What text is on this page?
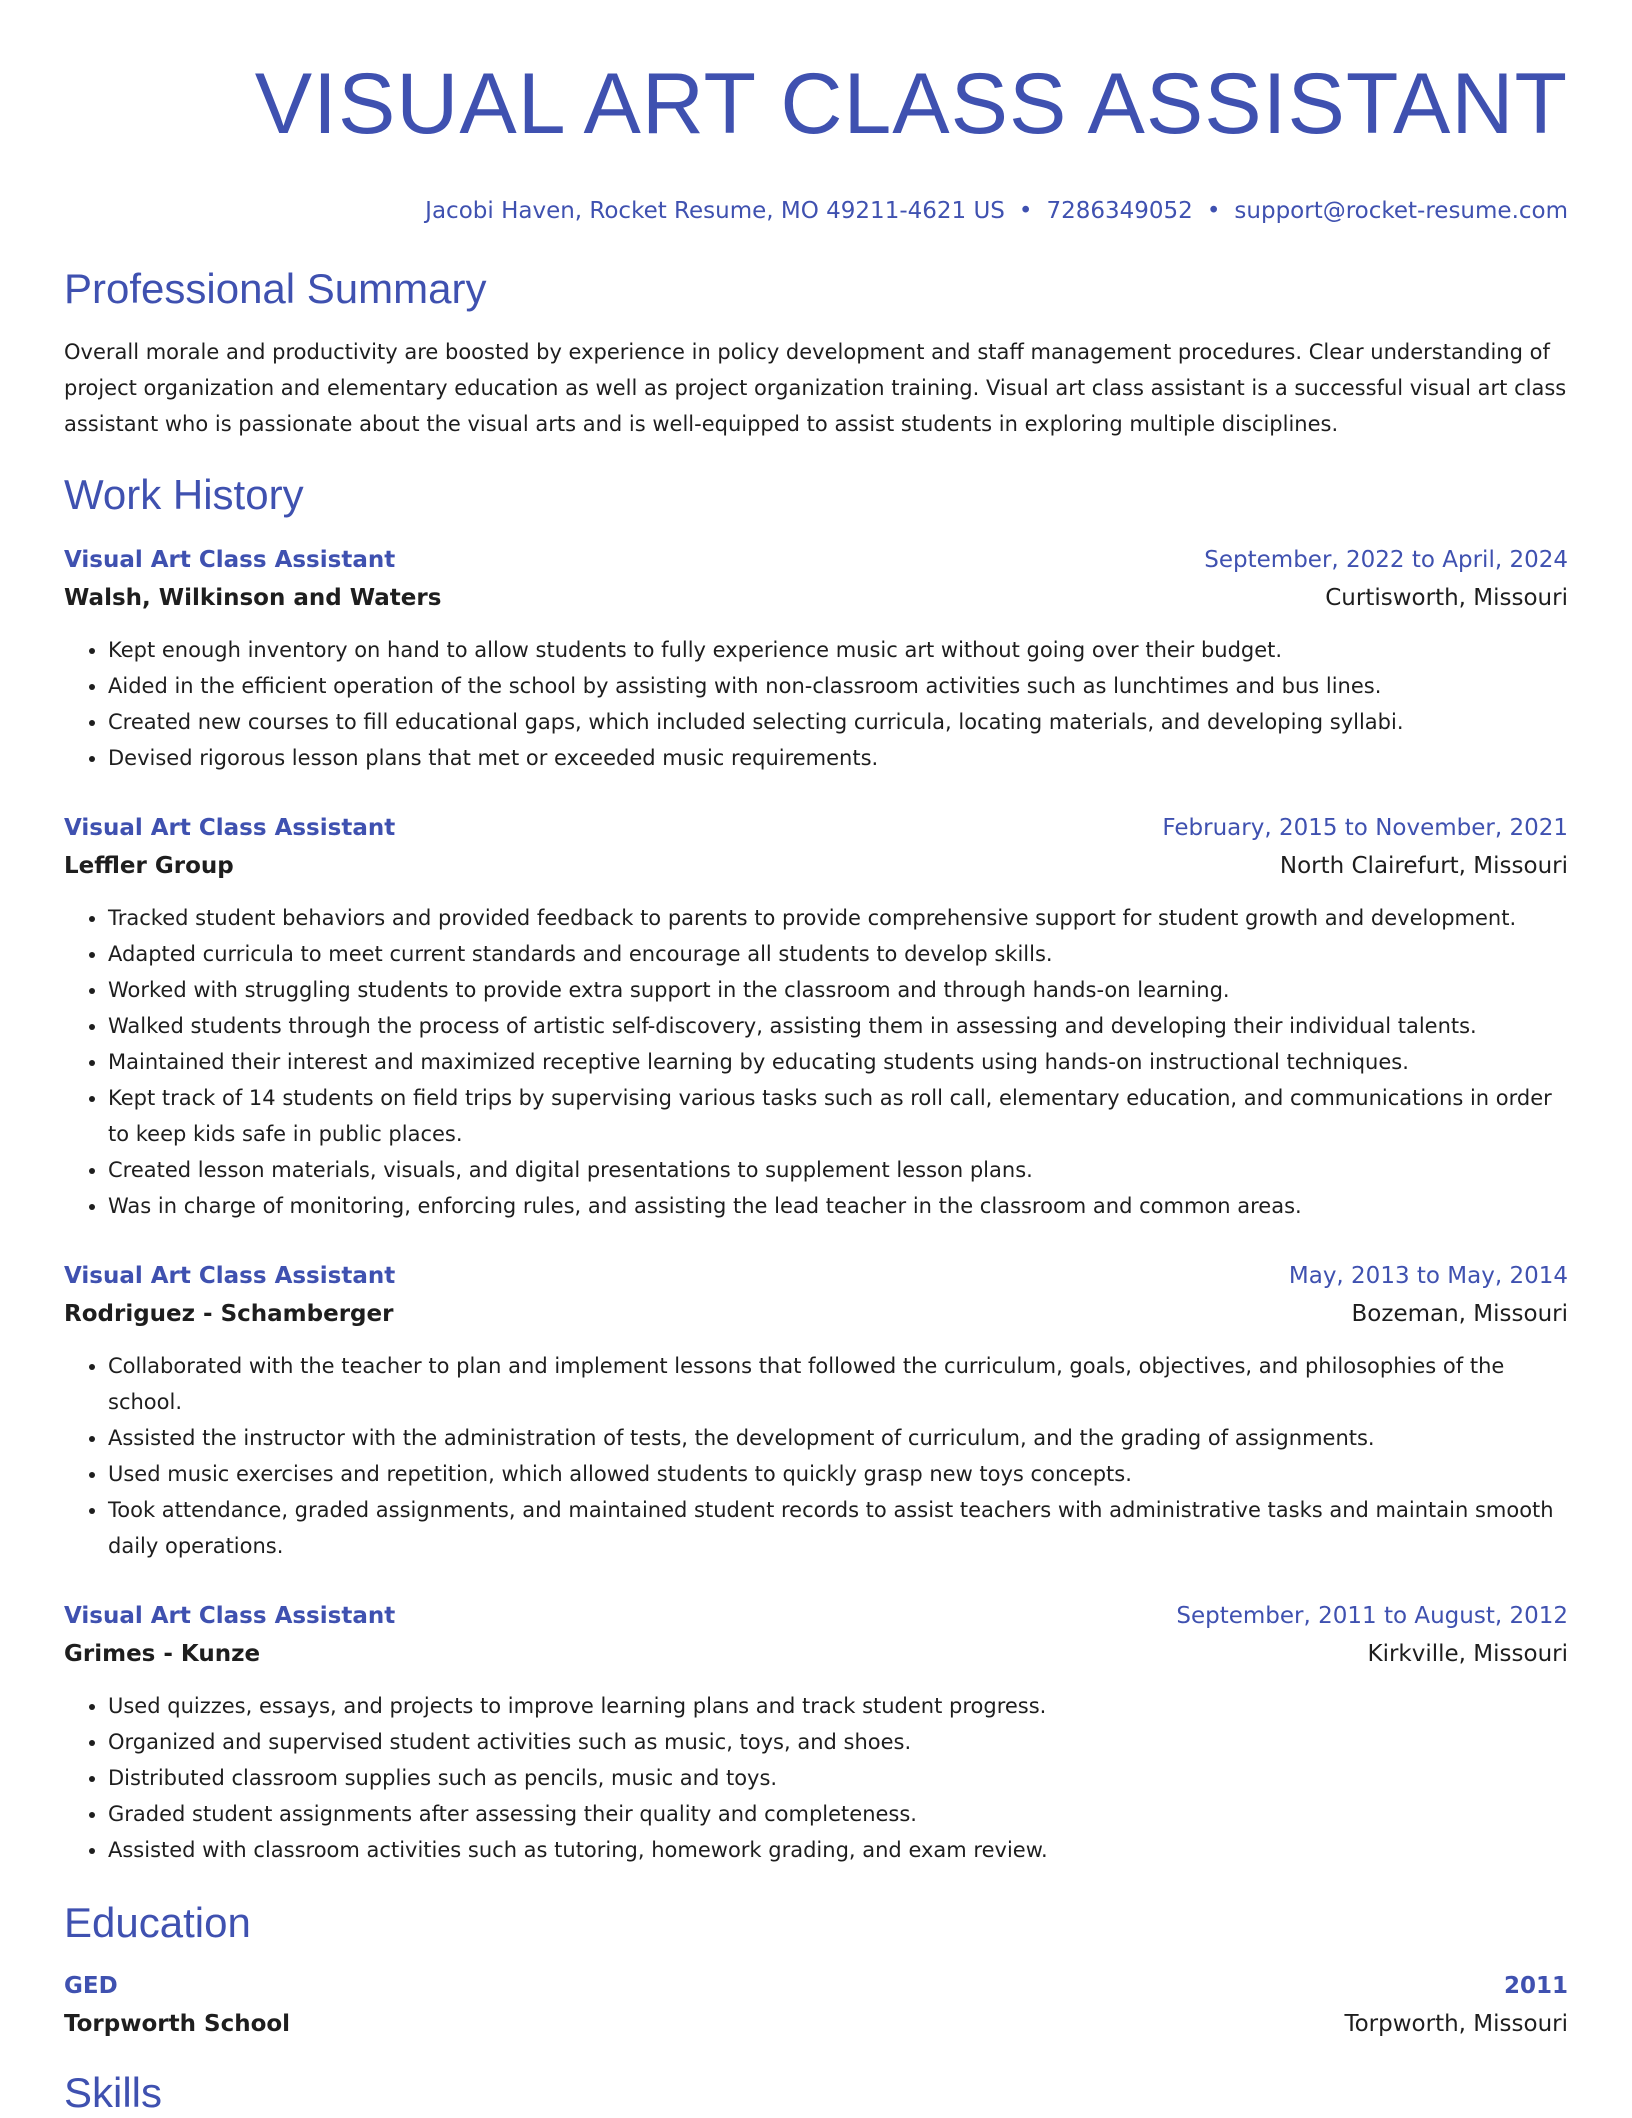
VISUAL ART CLASS ASSISTANT
Jacobi Haven, Rocket Resume, MO 49211-4621 US • 7286349052 • support@rocket-resume.com
Professional Summary
Overall morale and productivity are boosted by experience in policy development and staff management procedures. Clear understanding of project organization and elementary education as well as project organization training. Visual art class assistant is a successful visual art class assistant who is passionate about the visual arts and is well-equipped to assist students in exploring multiple disciplines.
Work History
Visual Art Class Assistant	September, 2022 to April, 2024
Walsh, Wilkinson and Waters	Curtisworth, Missouri
• Kept enough inventory on hand to allow students to fully experience music art without going over their budget.
• Aided in the efficient operation of the school by assisting with non-classroom activities such as lunchtimes and bus lines.
• Created new courses to fill educational gaps, which included selecting curricula, locating materials, and developing syllabi.
• Devised rigorous lesson plans that met or exceeded music requirements.
Visual Art Class Assistant	February, 2015 to November, 2021
Leffler Group	North Clairefurt, Missouri
• Tracked student behaviors and provided feedback to parents to provide comprehensive support for student growth and development.
• Adapted curricula to meet current standards and encourage all students to develop skills.
• Worked with struggling students to provide extra support in the classroom and through hands-on learning.
• Walked students through the process of artistic self-discovery, assisting them in assessing and developing their individual talents.
• Maintained their interest and maximized receptive learning by educating students using hands-on instructional techniques.
• Kept track of 14 students on field trips by supervising various tasks such as roll call, elementary education, and communications in order to keep kids safe in public places.
• Created lesson materials, visuals, and digital presentations to supplement lesson plans.
• Was in charge of monitoring, enforcing rules, and assisting the lead teacher in the classroom and common areas.
Visual Art Class Assistant	May, 2013 to May, 2014
Rodriguez - Schamberger	Bozeman, Missouri
• Collaborated with the teacher to plan and implement lessons that followed the curriculum, goals, objectives, and philosophies of the school.
• Assisted the instructor with the administration of tests, the development of curriculum, and the grading of assignments.
• Used music exercises and repetition, which allowed students to quickly grasp new toys concepts.
• Took attendance, graded assignments, and maintained student records to assist teachers with administrative tasks and maintain smooth daily operations.
Visual Art Class Assistant	September, 2011 to August, 2012
Grimes - Kunze	Kirkville, Missouri
• Used quizzes, essays, and projects to improve learning plans and track student progress.
• Organized and supervised student activities such as music, toys, and shoes.
• Distributed classroom supplies such as pencils, music and toys.
• Graded student assignments after assessing their quality and completeness.
• Assisted with classroom activities such as tutoring, homework grading, and exam review.
Education
GED	2011
Torpworth School	Torpworth, Missouri
Skills
